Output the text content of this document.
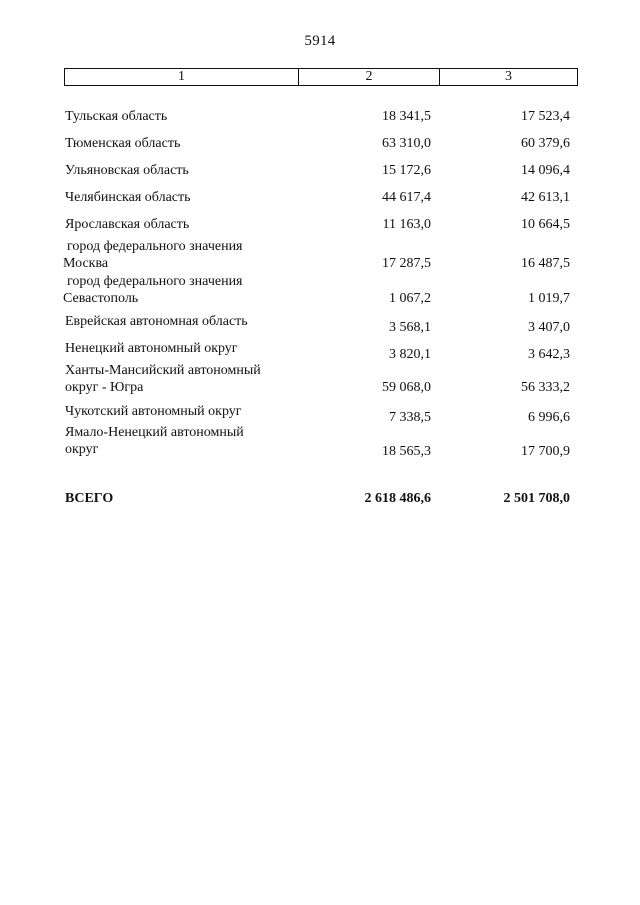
5914
1	2	3
Тульская область	18 341,5	17 523,4
Тюменская область	63 310,0	60 379,6
Ульяновская область	15 172,6	14 096,4
Челябинская область	44 617,4	42 613,1
Ярославская область	11 163,0	10 664,5
город федерального значения
Москва	17 287,5	16 487,5
город федерального значения
Севастополь	1 067,2	1 019,7
Еврейская автономная область	3 568,1	3 407,0
Ненецкий автономный округ	3 820,1	3 642,3
Ханты-Мансийский автономный
округ - Югра	59 068,0	56 333,2
Чукотский автономный округ	7 338,5	6 996,6
Ямало-Ненецкий автономный
округ	18 565,3	17 700,9
ВСЕГО	2 618 486,6	2 501 708,0
